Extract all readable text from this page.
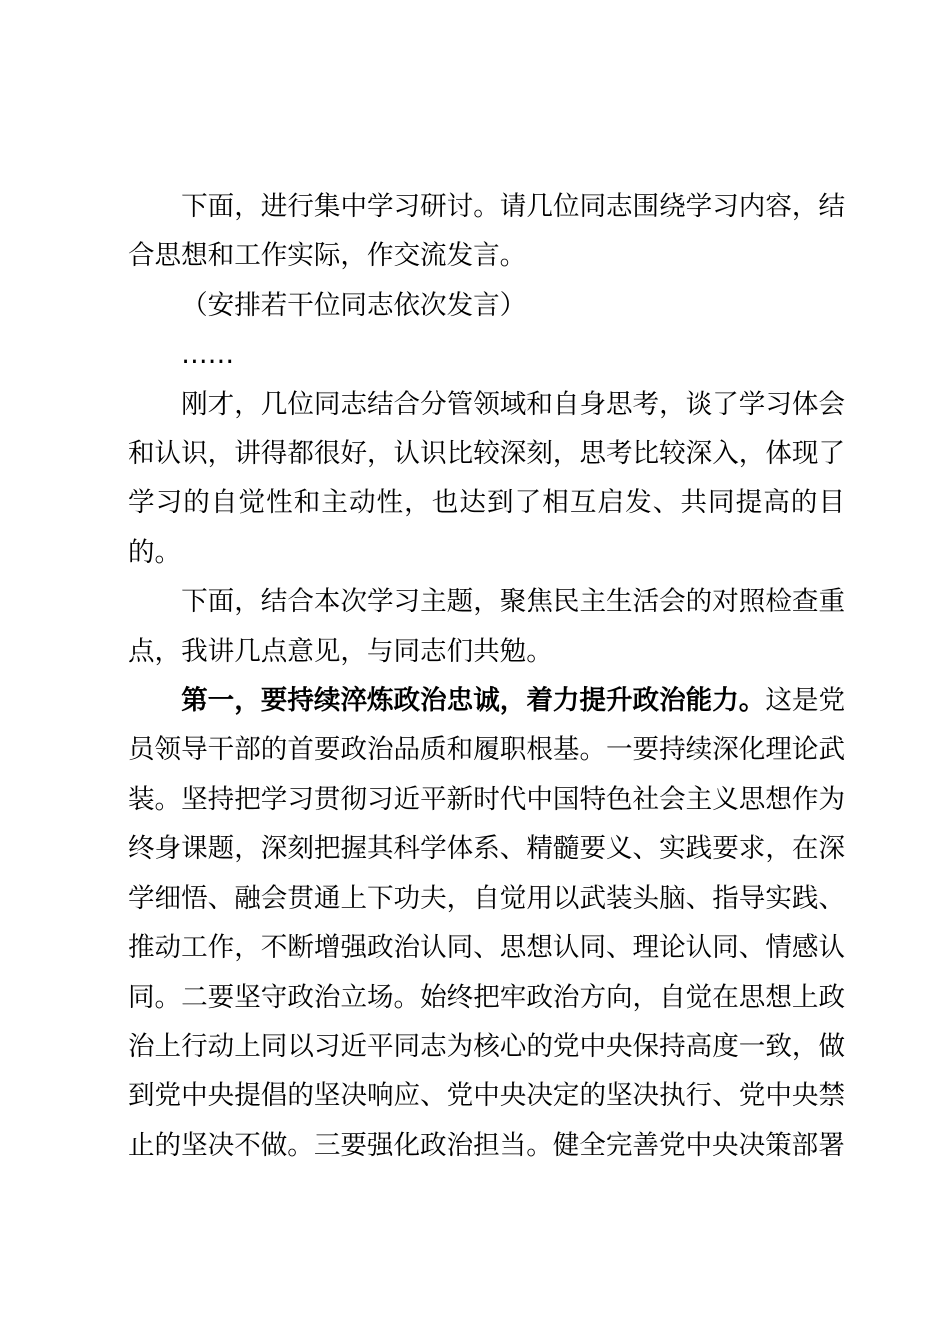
下面，进行集中学习研讨。请几位同志围绕学习内容，结合思想和工作实际，作交流发言。

（安排若干位同志依次发言）

……

刚才，几位同志结合分管领域和自身思考，谈了学习体会和认识，讲得都很好，认识比较深刻，思考比较深入，体现了学习的自觉性和主动性，也达到了相互启发、共同提高的目的。

下面，结合本次学习主题，聚焦民主生活会的对照检查重点，我讲几点意见，与同志们共勉。

第一，要持续淬炼政治忠诚，着力提升政治能力。这是党员领导干部的首要政治品质和履职根基。一要持续深化理论武装。坚持把学习贯彻习近平新时代中国特色社会主义思想作为终身课题，深刻把握其科学体系、精髓要义、实践要求，在深学细悟、融会贯通上下功夫，自觉用以武装头脑、指导实践、推动工作，不断增强政治认同、思想认同、理论认同、情感认同。二要坚守政治立场。始终把牢政治方向，自觉在思想上政治上行动上同以习近平同志为核心的党中央保持高度一致，做到党中央提倡的坚决响应、党中央决定的坚决执行、党中央禁止的坚决不做。三要强化政治担当。健全完善党中央决策部署
